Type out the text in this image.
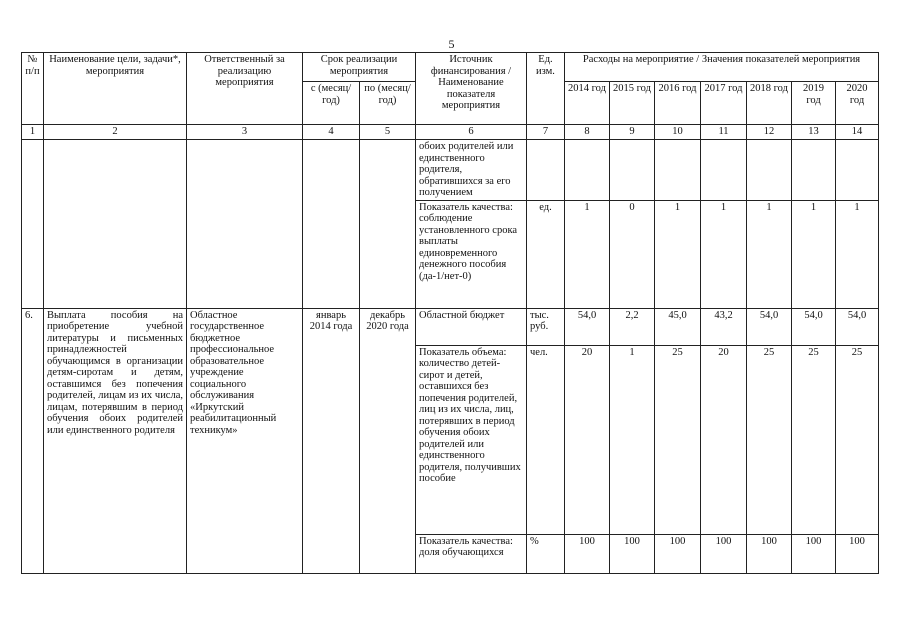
5
№ п/п	Наименование цели, задачи*, мероприятия	Ответственный за реализацию мероприятия	Срок реализации мероприятия		Источник финансирования / Наименование показателя мероприятия	Ед. изм.	Расходы на мероприятие / Значения показателей мероприятия						
			с (месяц/ год)	по (месяц/ год)			2014 год	2015 год	2016 год	2017 год	2018 год	2019 год	2020 год
1	2	3	4	5	6	7	8	9	10	11	12	13	14
					обоих родителей или единственного родителя, обратившихся за его получением								
					Показатель качества: соблюдение установленного срока выплаты единовременного денежного пособия (да-1/нет-0)	ед.	1	0	1	1	1	1	1
6.	Выплата пособия на приобретение учебной литературы и письменных принадлежностей обучающимся в организации детям-сиротам и детям, оставшимся без попечения родителей, лицам из их числа, лицам, потерявшим в период обучения обоих родителей или единственного родителя	Областное государственное бюджетное профессиональное образовательное учреждение социального обслуживания «Иркутский реабилитационный техникум»	январь 2014 года	декабрь 2020 года	Областной бюджет	тыс. руб.	54,0	2,2	45,0	43,2	54,0	54,0	54,0
					Показатель объема: количество детей-сирот и детей, оставшихся без попечения родителей, лиц из их числа, лиц, потерявших в период обучения обоих родителей или единственного родителя, получивших пособие	чел.	20	1	25	20	25	25	25
					Показатель качества: доля обучающихся	%	100	100	100	100	100	100	100
